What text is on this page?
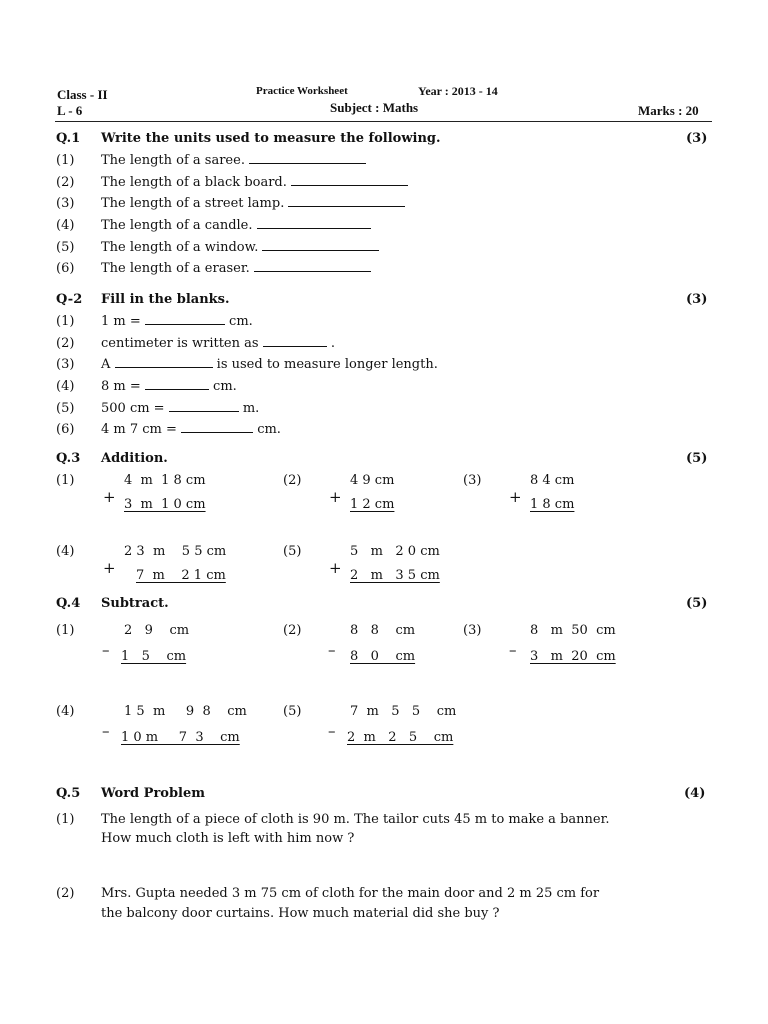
Class - II
L - 6
Practice Worksheet	Year : 2013 - 14
Subject : Maths	Marks : 20
Q.1 Write the units used to measure the following.	(3)
(1) The length of a saree.
(2) The length of a black board.
(3) The length of a street lamp.
(4) The length of a candle.
(5) The length of a window.
(6) The length of a eraser.
Q-2 Fill in the blanks.	(3)
(1) 1 m =	cm.
(2) centimeter is written as	.
(3) A	is used to measure longer length.
(4) 8 m =	cm.
(5) 500 cm =	m.
(6) 4 m 7 cm =	cm.
Q.3 Addition.	(5)
(1)	4  m  1 8 cm
+ 3  m  1 0 cm
(2)	4 9 cm
+ 1 2 cm
(3)	8 4 cm
+ 1 8 cm
(4)	2 3  m    5 5 cm
+	7  m    2 1 cm
(5)	5   m   2 0 cm
+ 2   m   3 5 cm
Q.4 Subtract.	(5)
(1)	2   9    cm
– 1   5    cm
(2)	8   8    cm
– 8   0    cm
(3)	8   m  50  cm
– 3   m  20  cm
(4)	1 5  m     9  8    cm
– 1 0 m     7  3    cm
(5)	7  m   5   5    cm
– 2  m   2   5    cm
Q.5 Word Problem	(4)
(1) The length of a piece of cloth is 90 m. The tailor cuts 45 m to make a banner.
How much cloth is left with him now ?
(2) Mrs. Gupta needed 3 m 75 cm of cloth for the main door and 2 m 25 cm for
the balcony door curtains. How much material did she buy ?
